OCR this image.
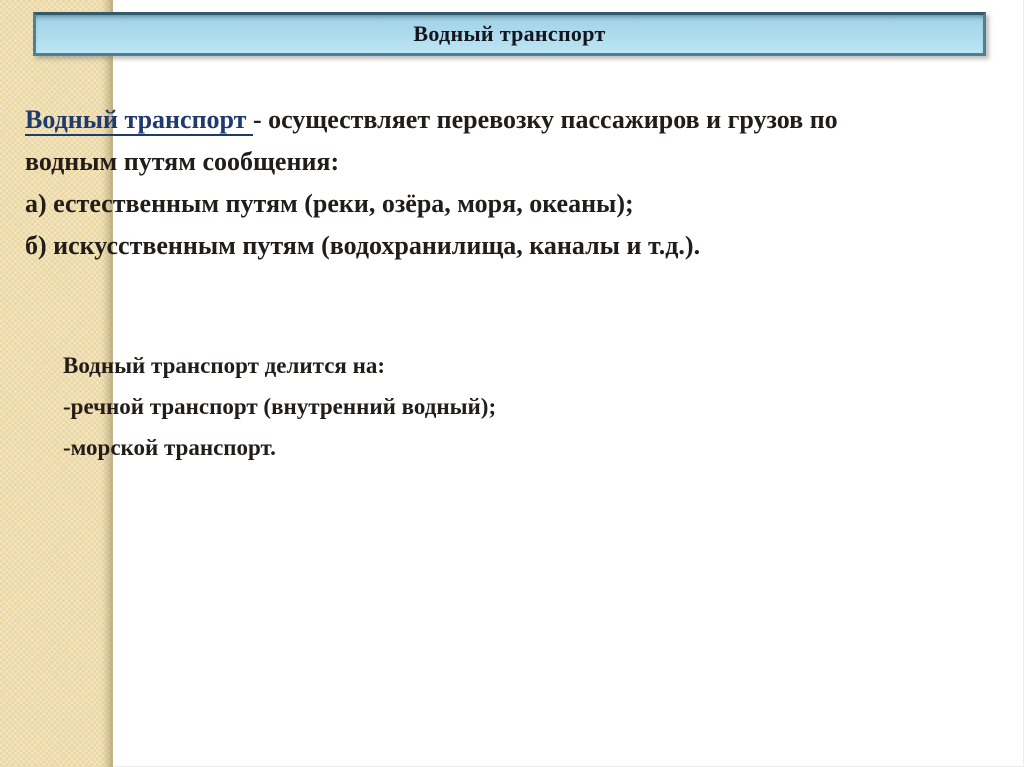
Водный транспорт
Водный транспорт - осуществляет перевозку пассажиров и грузов по
водным путям сообщения:
а) естественным путям (реки, озёра, моря, океаны);
б) искусственным путям (водохранилища, каналы и т.д.).
Водный транспорт делится на:
-речной транспорт (внутренний водный);
-морской транспорт.
